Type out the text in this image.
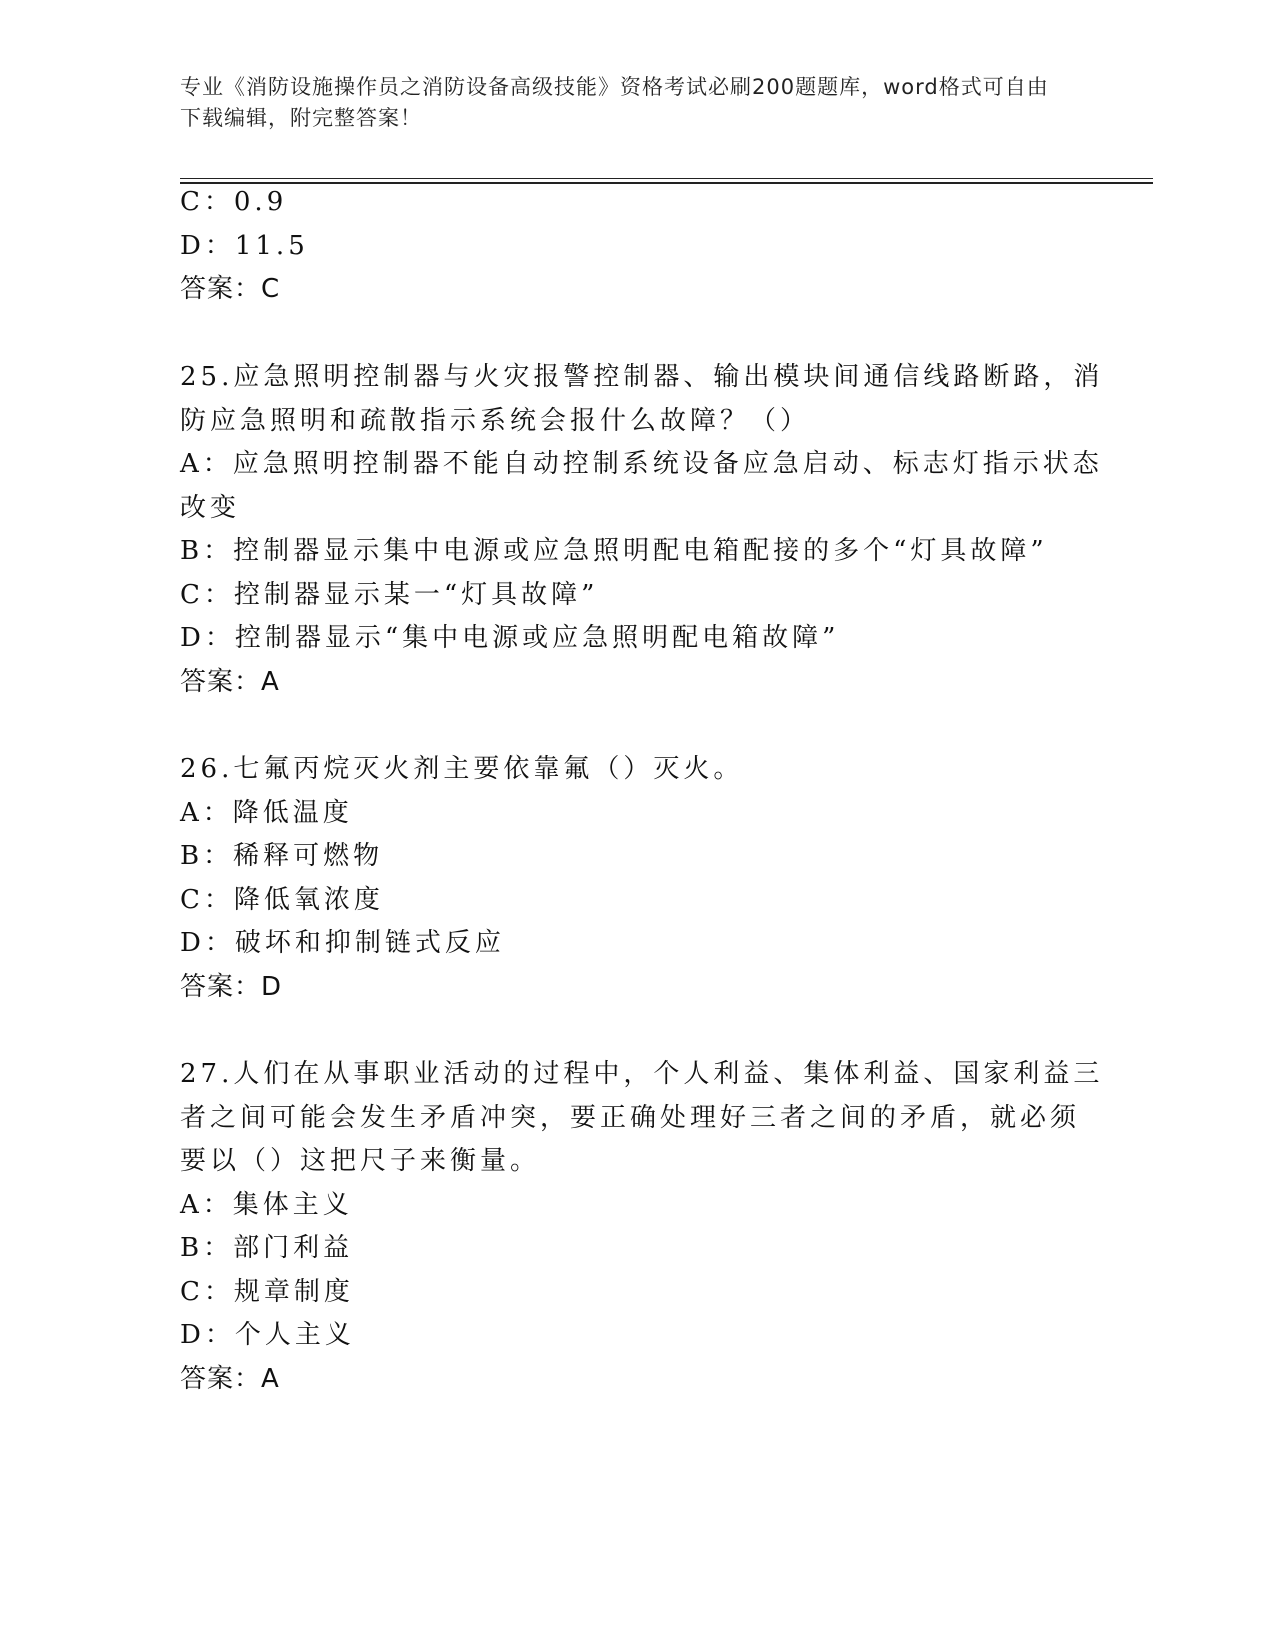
专业《消防设施操作员之消防设备高级技能》资格考试必刷200题题库，word格式可自由下载编辑，附完整答案！
C：0.9
D：11.5
答案：C
25.应急照明控制器与火灾报警控制器、输出模块间通信线路断路，消
防应急照明和疏散指示系统会报什么故障？（）
A：应急照明控制器不能自动控制系统设备应急启动、标志灯指示状态
改变
B：控制器显示集中电源或应急照明配电箱配接的多个“灯具故障”
C：控制器显示某一“灯具故障”
D：控制器显示“集中电源或应急照明配电箱故障”
答案：A
26.七氟丙烷灭火剂主要依靠氟（）灭火。
A：降低温度
B：稀释可燃物
C：降低氧浓度
D：破坏和抑制链式反应
答案：D
27.人们在从事职业活动的过程中，个人利益、集体利益、国家利益三
者之间可能会发生矛盾冲突，要正确处理好三者之间的矛盾，就必须
要以（）这把尺子来衡量。
A：集体主义
B：部门利益
C：规章制度
D：个人主义
答案：A
